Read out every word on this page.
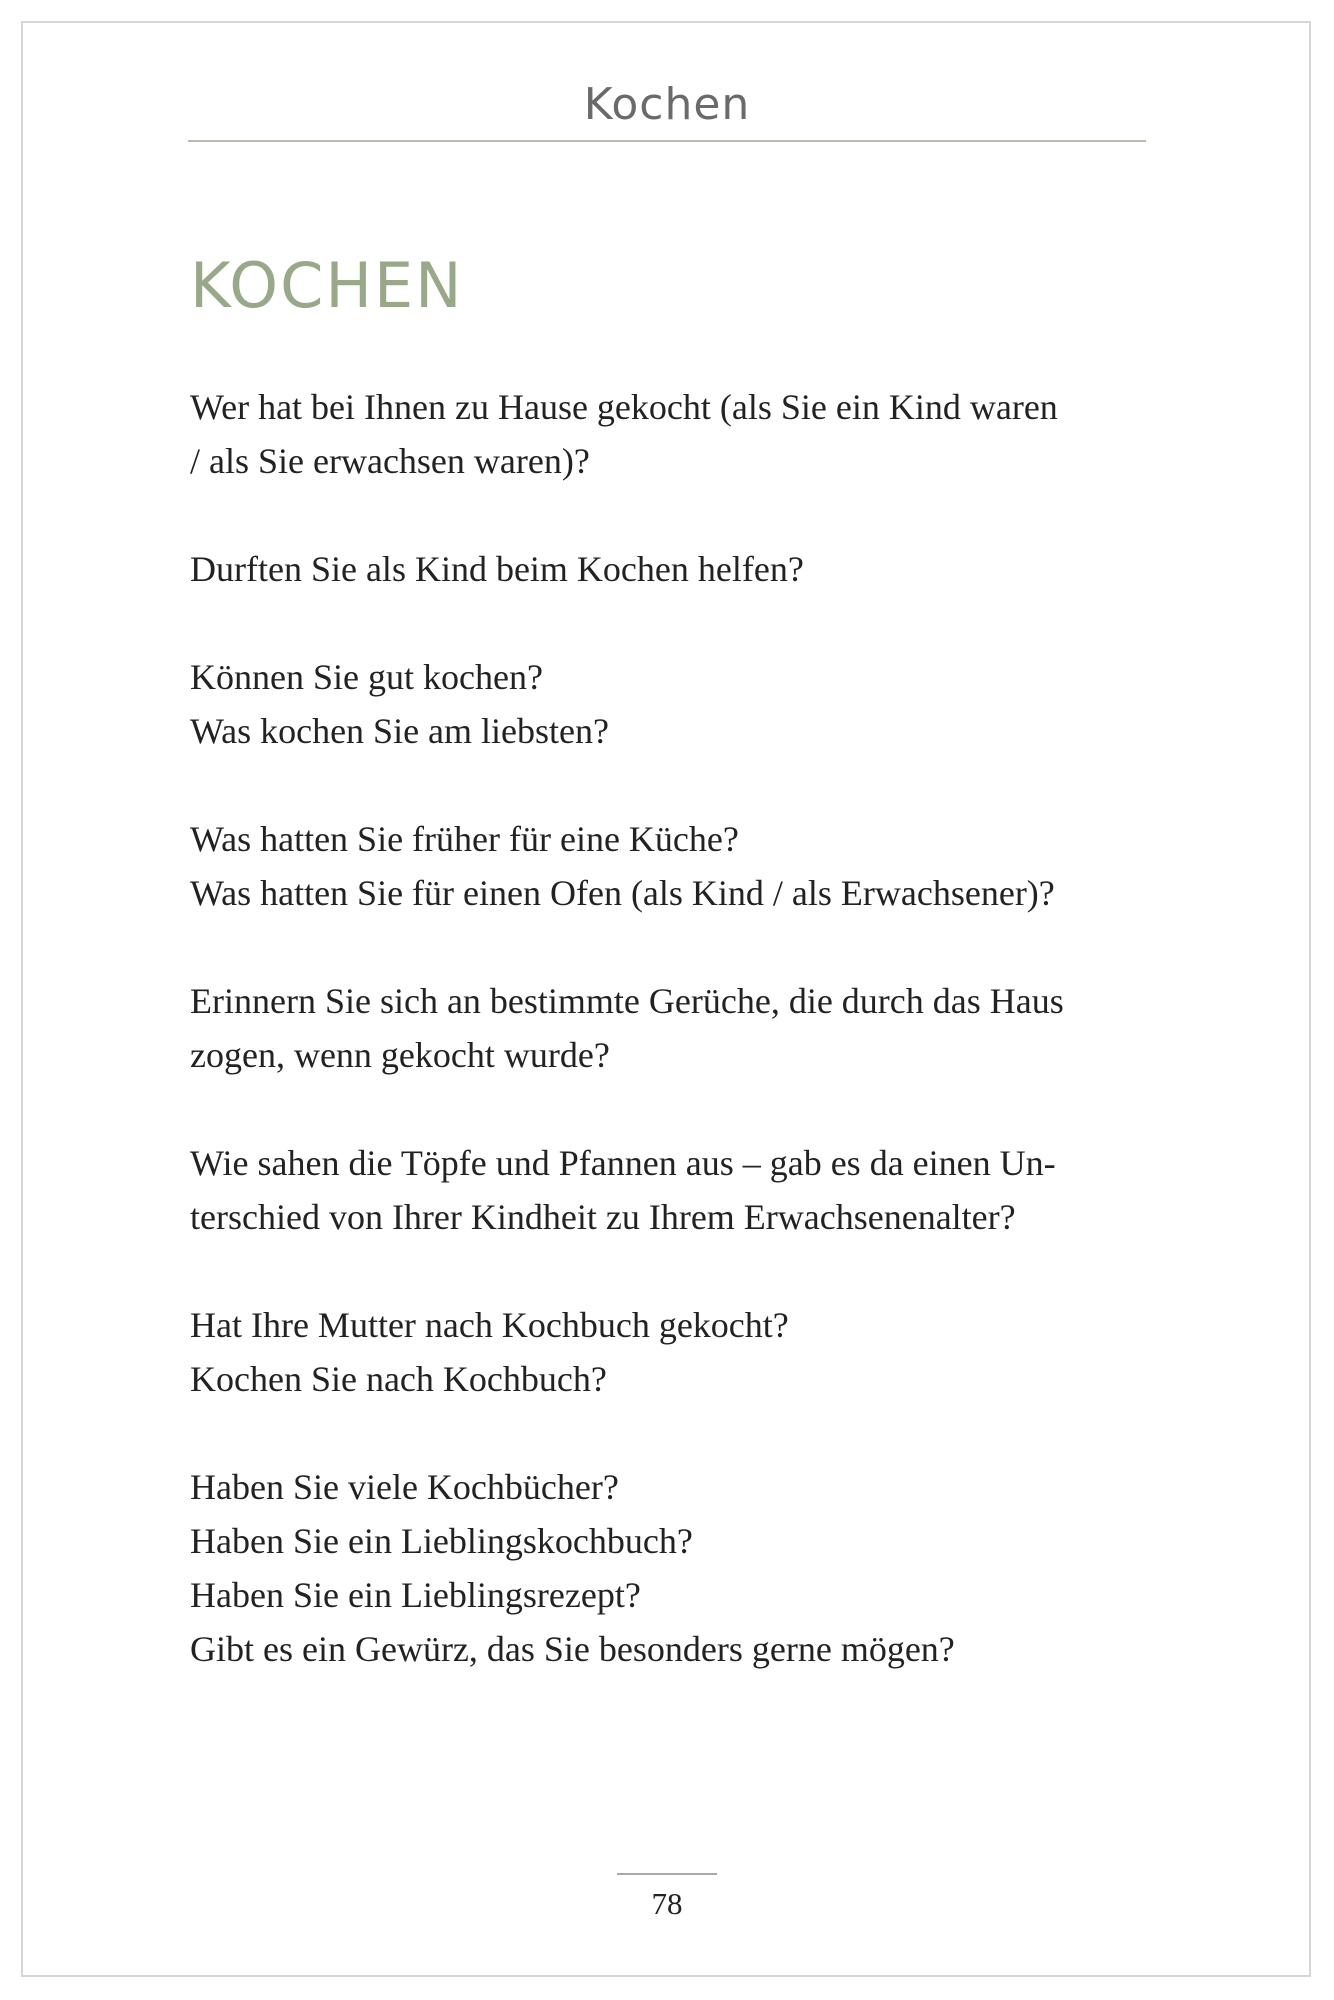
Kochen
KOCHEN
Wer hat bei Ihnen zu Hause gekocht (als Sie ein Kind waren
/ als Sie erwachsen waren)?
Durften Sie als Kind beim Kochen helfen?
Können Sie gut kochen?
Was kochen Sie am liebsten?
Was hatten Sie früher für eine Küche?
Was hatten Sie für einen Ofen (als Kind / als Erwachsener)?
Erinnern Sie sich an bestimmte Gerüche, die durch das Haus
zogen, wenn gekocht wurde?
Wie sahen die Töpfe und Pfannen aus – gab es da einen Un-
terschied von Ihrer Kindheit zu Ihrem Erwachsenenalter?
Hat Ihre Mutter nach Kochbuch gekocht?
Kochen Sie nach Kochbuch?
Haben Sie viele Kochbücher?
Haben Sie ein Lieblingskochbuch?
Haben Sie ein Lieblingsrezept?
Gibt es ein Gewürz, das Sie besonders gerne mögen?
78
